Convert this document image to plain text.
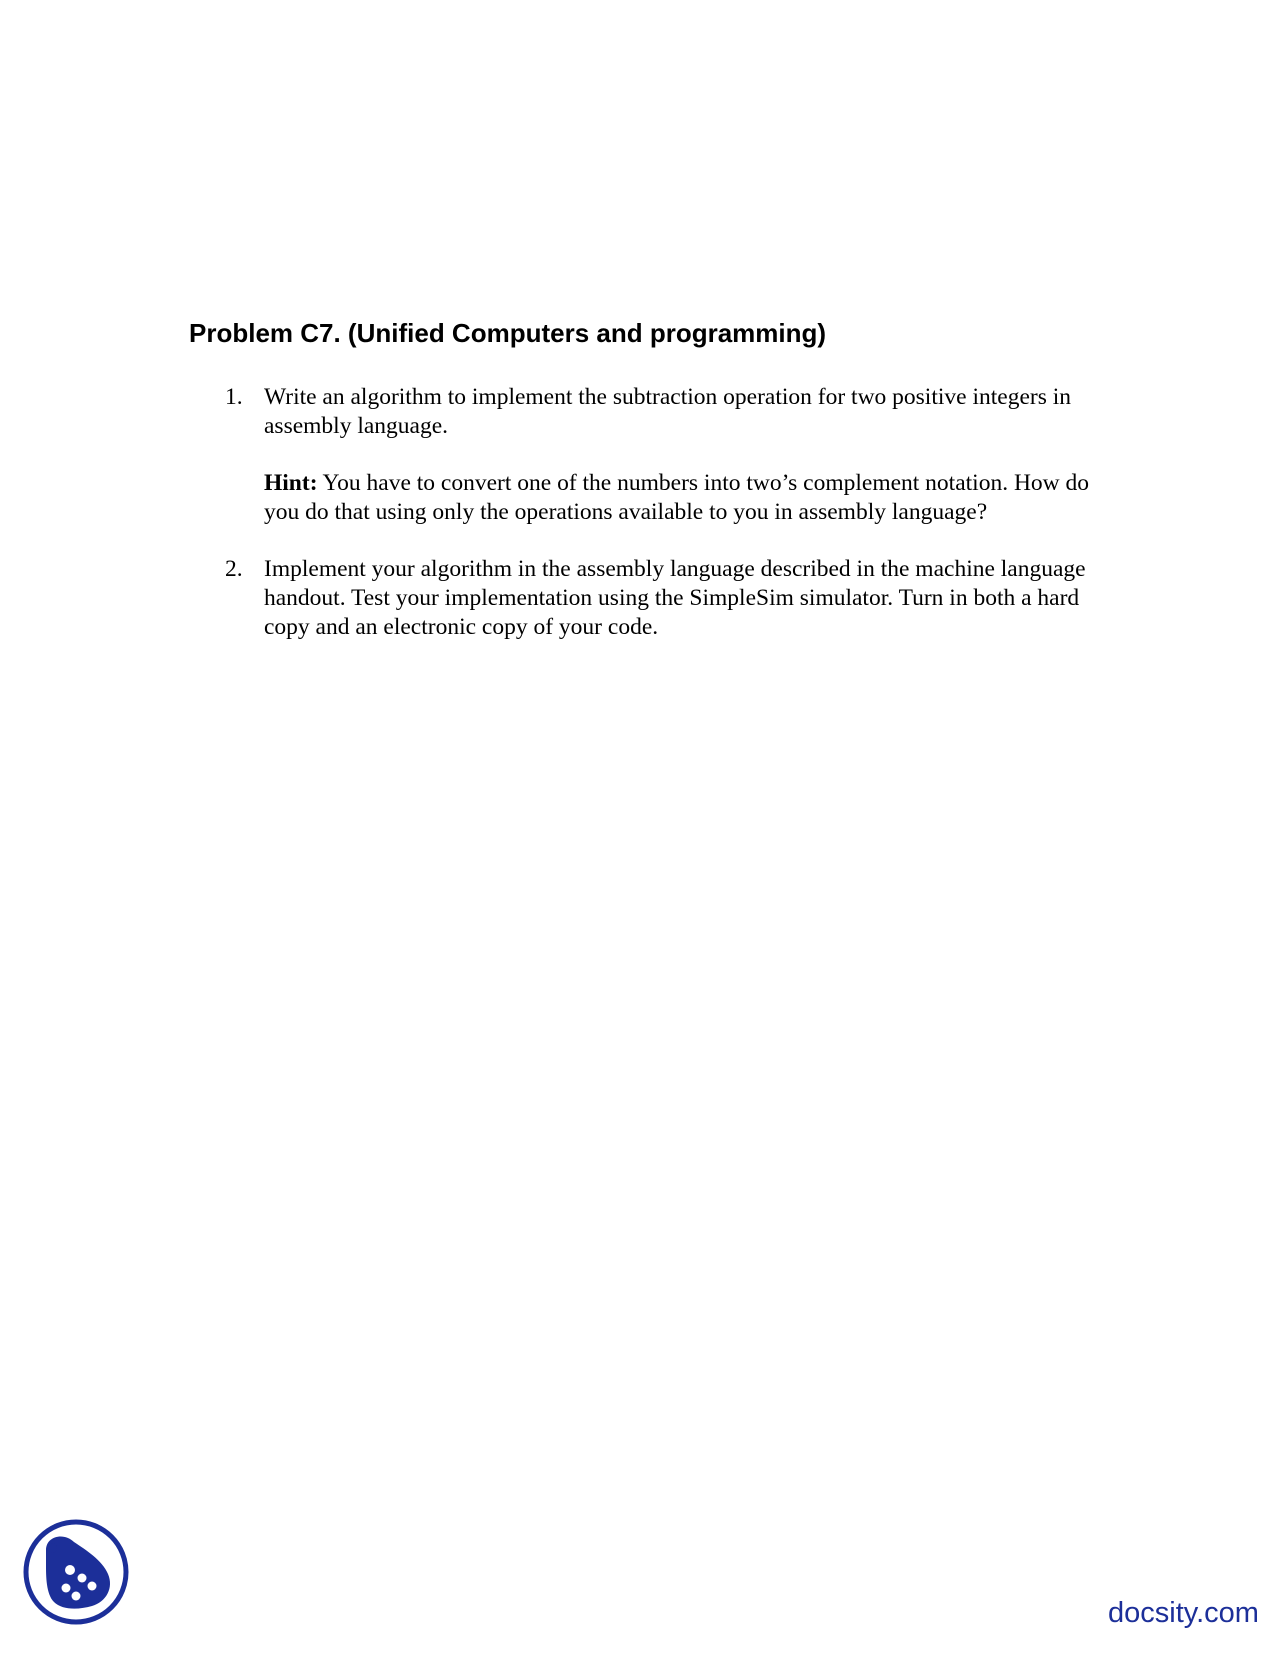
Problem C7. (Unified Computers and programming)
1. Write an algorithm to implement the subtraction operation for two positive integers in assembly language.

Hint: You have to convert one of the numbers into two’s complement notation. How do you do that using only the operations available to you in assembly language?

2. Implement your algorithm in the assembly language described in the machine language handout. Test your implementation using the SimpleSim simulator. Turn in both a hard copy and an electronic copy of your code.

docsity.com
